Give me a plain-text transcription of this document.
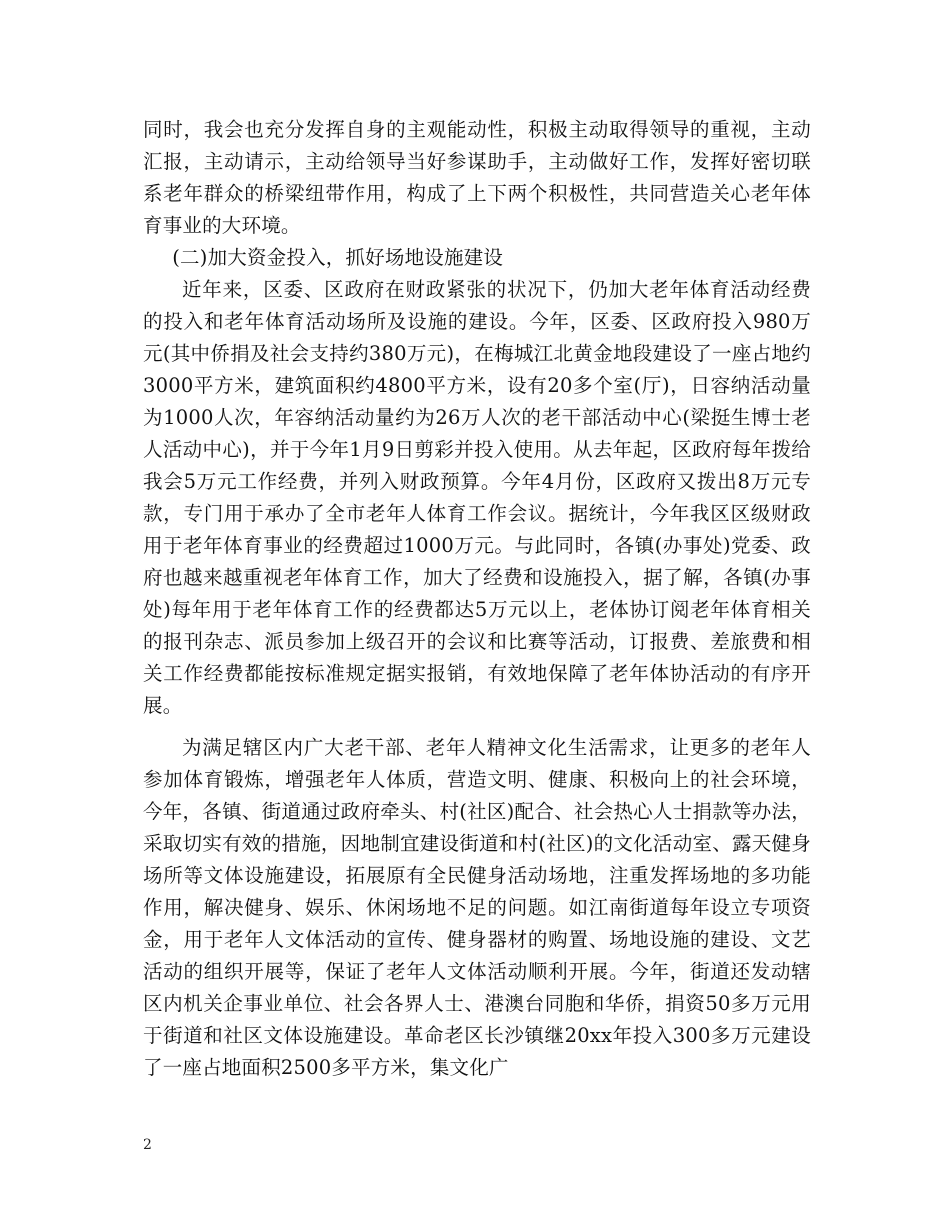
同时，我会也充分发挥自身的主观能动性，积极主动取得领导的重视，主动汇报，主动请示，主动给领导当好参谋助手，主动做好工作，发挥好密切联系老年群众的桥梁纽带作用，构成了上下两个积极性，共同营造关心老年体育事业的大环境。

(二)加大资金投入，抓好场地设施建设

近年来，区委、区政府在财政紧张的状况下，仍加大老年体育活动经费的投入和老年体育活动场所及设施的建设。今年，区委、区政府投入980万元(其中侨捐及社会支持约380万元)，在梅城江北黄金地段建设了一座占地约3000平方米，建筑面积约4800平方米，设有20多个室(厅)，日容纳活动量为1000人次，年容纳活动量约为26万人次的老干部活动中心(梁挺生博士老人活动中心)，并于今年1月9日剪彩并投入使用。从去年起，区政府每年拨给我会5万元工作经费，并列入财政预算。今年4月份，区政府又拨出8万元专款，专门用于承办了全市老年人体育工作会议。据统计，今年我区区级财政用于老年体育事业的经费超过1000万元。与此同时，各镇(办事处)党委、政府也越来越重视老年体育工作，加大了经费和设施投入，据了解，各镇(办事处)每年用于老年体育工作的经费都达5万元以上，老体协订阅老年体育相关的报刊杂志、派员参加上级召开的会议和比赛等活动，订报费、差旅费和相关工作经费都能按标准规定据实报销，有效地保障了老年体协活动的有序开展。

为满足辖区内广大老干部、老年人精神文化生活需求，让更多的老年人参加体育锻炼，增强老年人体质，营造文明、健康、积极向上的社会环境，今年，各镇、街道通过政府牵头、村(社区)配合、社会热心人士捐款等办法，采取切实有效的措施，因地制宜建设街道和村(社区)的文化活动室、露天健身场所等文体设施建设，拓展原有全民健身活动场地，注重发挥场地的多功能作用，解决健身、娱乐、休闲场地不足的问题。如江南街道每年设立专项资金，用于老年人文体活动的宣传、健身器材的购置、场地设施的建设、文艺活动的组织开展等，保证了老年人文体活动顺利开展。今年，街道还发动辖区内机关企事业单位、社会各界人士、港澳台同胞和华侨，捐资50多万元用于街道和社区文体设施建设。革命老区长沙镇继20xx年投入300多万元建设了一座占地面积2500多平方米，集文化广

2
